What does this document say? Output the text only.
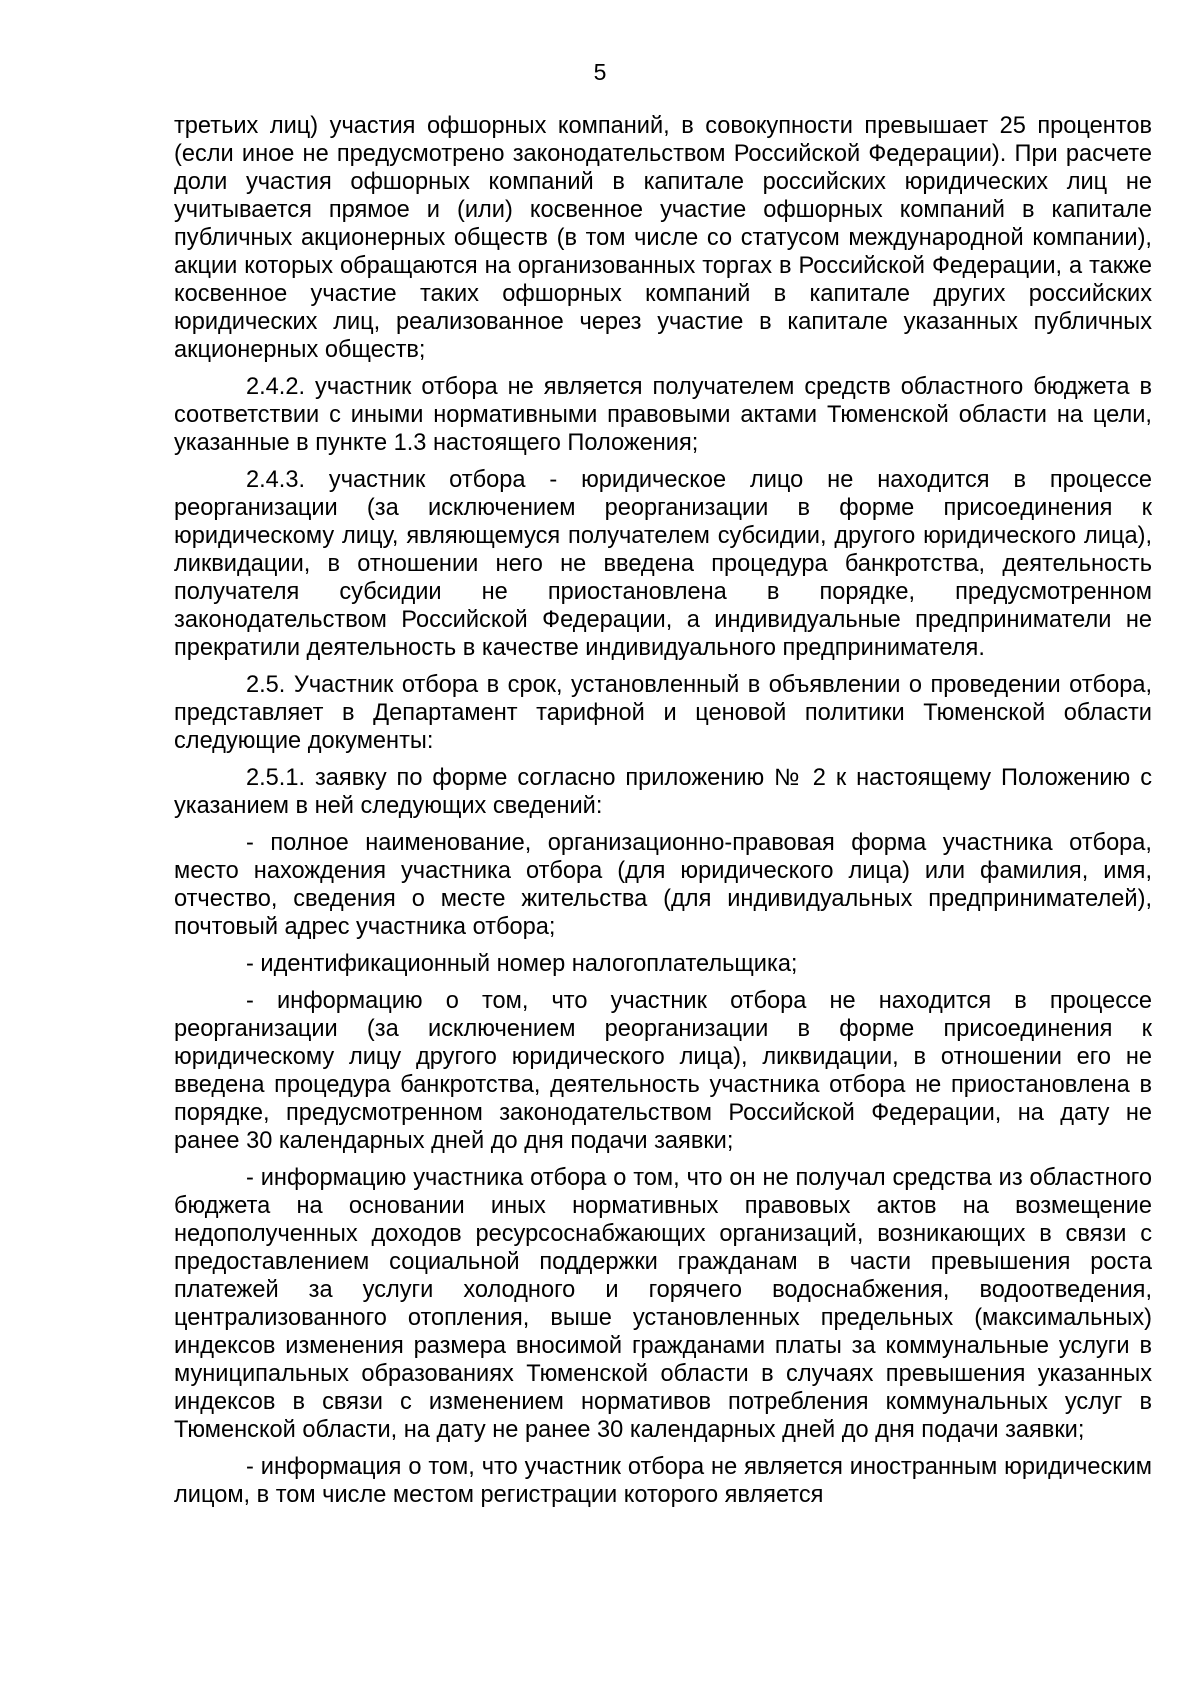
5

третьих лиц) участия офшорных компаний, в совокупности превышает 25 процентов (если иное не предусмотрено законодательством Российской Федерации). При расчете доли участия офшорных компаний в капитале российских юридических лиц не учитывается прямое и (или) косвенное участие офшорных компаний в капитале публичных акционерных обществ (в том числе со статусом международной компании), акции которых обращаются на организованных торгах в Российской Федерации, а также косвенное участие таких офшорных компаний в капитале других российских юридических лиц, реализованное через участие в капитале указанных публичных акционерных обществ;

2.4.2. участник отбора не является получателем средств областного бюджета в соответствии с иными нормативными правовыми актами Тюменской области на цели, указанные в пункте 1.3 настоящего Положения;

2.4.3. участник отбора - юридическое лицо не находится в процессе реорганизации (за исключением реорганизации в форме присоединения к юридическому лицу, являющемуся получателем субсидии, другого юридического лица), ликвидации, в отношении него не введена процедура банкротства, деятельность получателя субсидии не приостановлена в порядке, предусмотренном законодательством Российской Федерации, а индивидуальные предприниматели не прекратили деятельность в качестве индивидуального предпринимателя.

2.5. Участник отбора в срок, установленный в объявлении о проведении отбора, представляет в Департамент тарифной и ценовой политики Тюменской области следующие документы:

2.5.1. заявку по форме согласно приложению № 2 к настоящему Положению с указанием в ней следующих сведений:

- полное наименование, организационно-правовая форма участника отбора, место нахождения участника отбора (для юридического лица) или фамилия, имя, отчество, сведения о месте жительства (для индивидуальных предпринимателей), почтовый адрес участника отбора;

- идентификационный номер налогоплательщика;

- информацию о том, что участник отбора не находится в процессе реорганизации (за исключением реорганизации в форме присоединения к юридическому лицу другого юридического лица), ликвидации, в отношении его не введена процедура банкротства, деятельность участника отбора не приостановлена в порядке, предусмотренном законодательством Российской Федерации, на дату не ранее 30 календарных дней до дня подачи заявки;

- информацию участника отбора о том, что он не получал средства из областного бюджета на основании иных нормативных правовых актов на возмещение недополученных доходов ресурсоснабжающих организаций, возникающих в связи с предоставлением социальной поддержки гражданам в части превышения роста платежей за услуги холодного и горячего водоснабжения, водоотведения, централизованного отопления, выше установленных предельных (максимальных) индексов изменения размера вносимой гражданами платы за коммунальные услуги в муниципальных образованиях Тюменской области в случаях превышения указанных индексов в связи с изменением нормативов потребления коммунальных услуг в Тюменской области, на дату не ранее 30 календарных дней до дня подачи заявки;

- информация о том, что участник отбора не является иностранным юридическим лицом, в том числе местом регистрации которого является
